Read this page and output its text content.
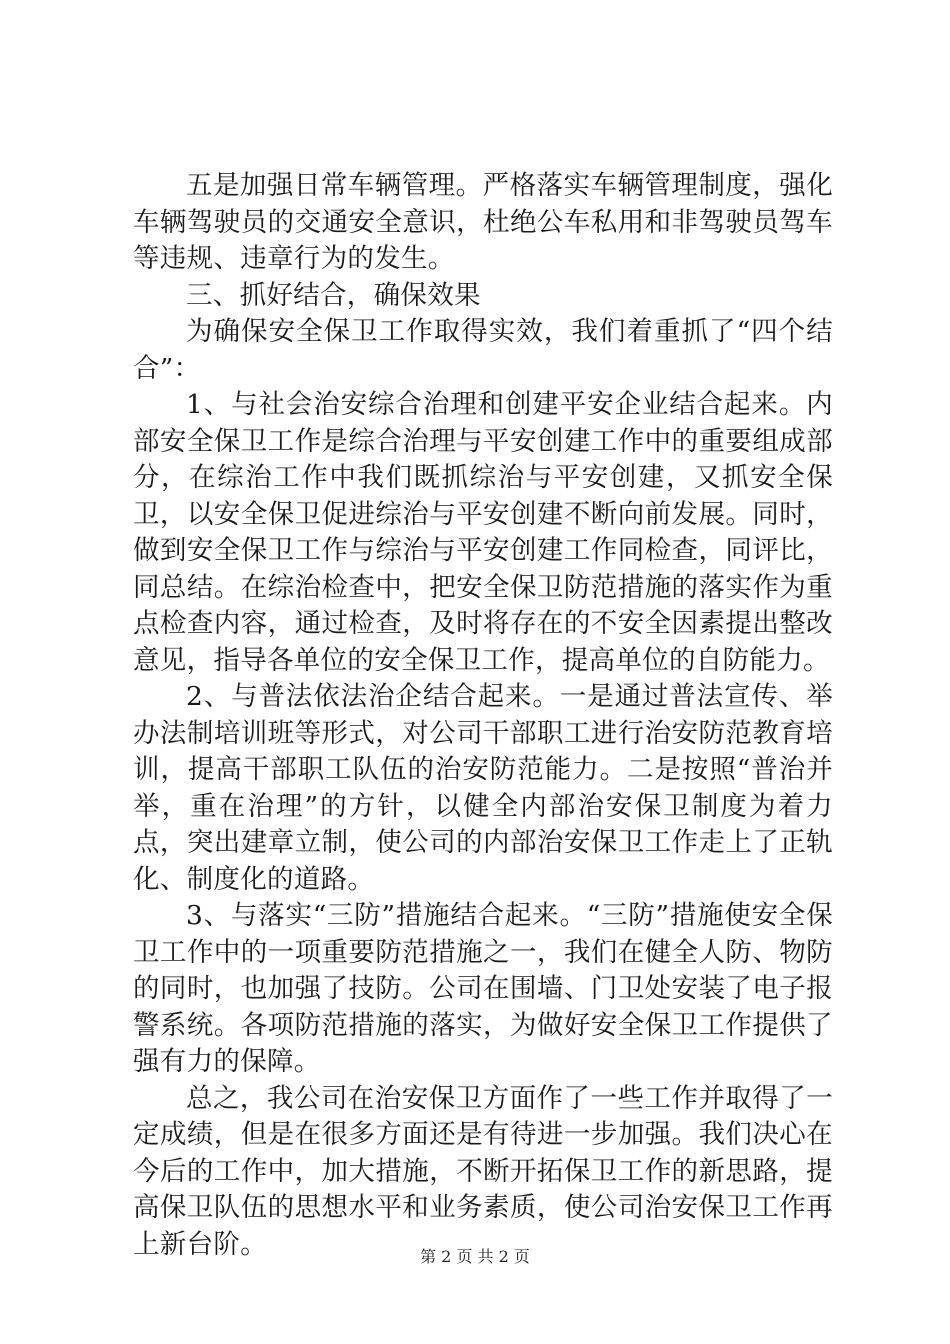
五是加强日常车辆管理。严格落实车辆管理制度，强化车辆驾驶员的交通安全意识，杜绝公车私用和非驾驶员驾车等违规、违章行为的发生。

三、抓好结合，确保效果

为确保安全保卫工作取得实效，我们着重抓了“四个结合”：

1、与社会治安综合治理和创建平安企业结合起来。内部安全保卫工作是综合治理与平安创建工作中的重要组成部分，在综治工作中我们既抓综治与平安创建，又抓安全保卫，以安全保卫促进综治与平安创建不断向前发展。同时，做到安全保卫工作与综治与平安创建工作同检查，同评比，同总结。在综治检查中，把安全保卫防范措施的落实作为重点检查内容，通过检查，及时将存在的不安全因素提出整改意见，指导各单位的安全保卫工作，提高单位的自防能力。

2、与普法依法治企结合起来。一是通过普法宣传、举办法制培训班等形式，对公司干部职工进行治安防范教育培训，提高干部职工队伍的治安防范能力。二是按照“普治并举，重在治理”的方针，以健全内部治安保卫制度为着力点，突出建章立制，使公司的内部治安保卫工作走上了正轨化、制度化的道路。

3、与落实“三防”措施结合起来。“三防”措施使安全保卫工作中的一项重要防范措施之一，我们在健全人防、物防的同时，也加强了技防。公司在围墙、门卫处安装了电子报警系统。各项防范措施的落实，为做好安全保卫工作提供了强有力的保障。

总之，我公司在治安保卫方面作了一些工作并取得了一定成绩，但是在很多方面还是有待进一步加强。我们决心在今后的工作中，加大措施，不断开拓保卫工作的新思路，提高保卫队伍的思想水平和业务素质，使公司治安保卫工作再上新台阶。	第 2 页 共 2 页
